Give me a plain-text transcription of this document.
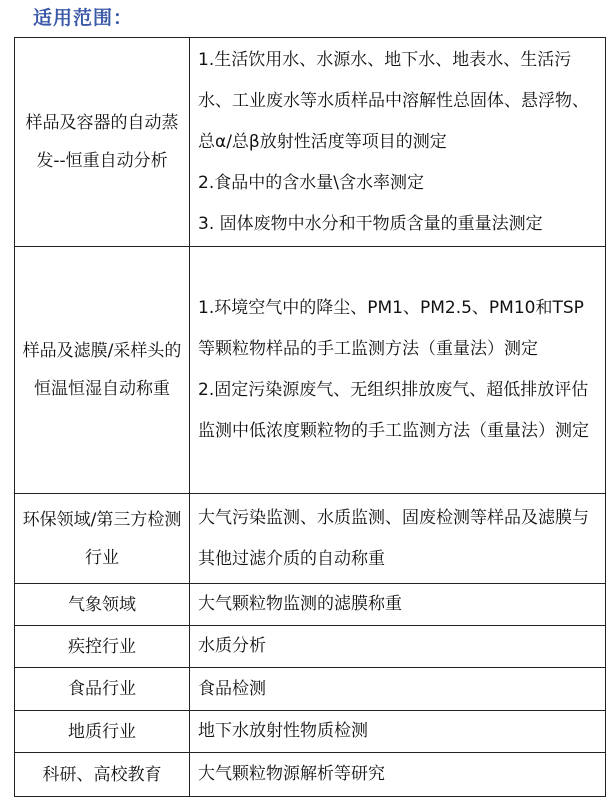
适用范围：
样品及容器的自动蒸发--恒重自动分析	1.生活饮用水、水源水、地下水、地表水、生活污水、工业废水等水质样品中溶解性总固体、悬浮物、总α/总β放射性活度等项目的测定
2.食品中的含水量\含水率测定
3. 固体废物中水分和干物质含量的重量法测定

样品及滤膜/采样头的恒温恒湿自动称重	1.环境空气中的降尘、PM1、PM2.5、PM10和TSP等颗粒物样品的手工监测方法（重量法）测定
2.固定污染源废气、无组织排放废气、超低排放评估监测中低浓度颗粒物的手工监测方法（重量法）测定

环保领域/第三方检测行业	大气污染监测、水质监测、固废检测等样品及滤膜与其他过滤介质的自动称重

气象领域	大气颗粒物监测的滤膜称重

疾控行业	水质分析

食品行业	食品检测

地质行业	地下水放射性物质检测

科研、高校教育	大气颗粒物源解析等研究
